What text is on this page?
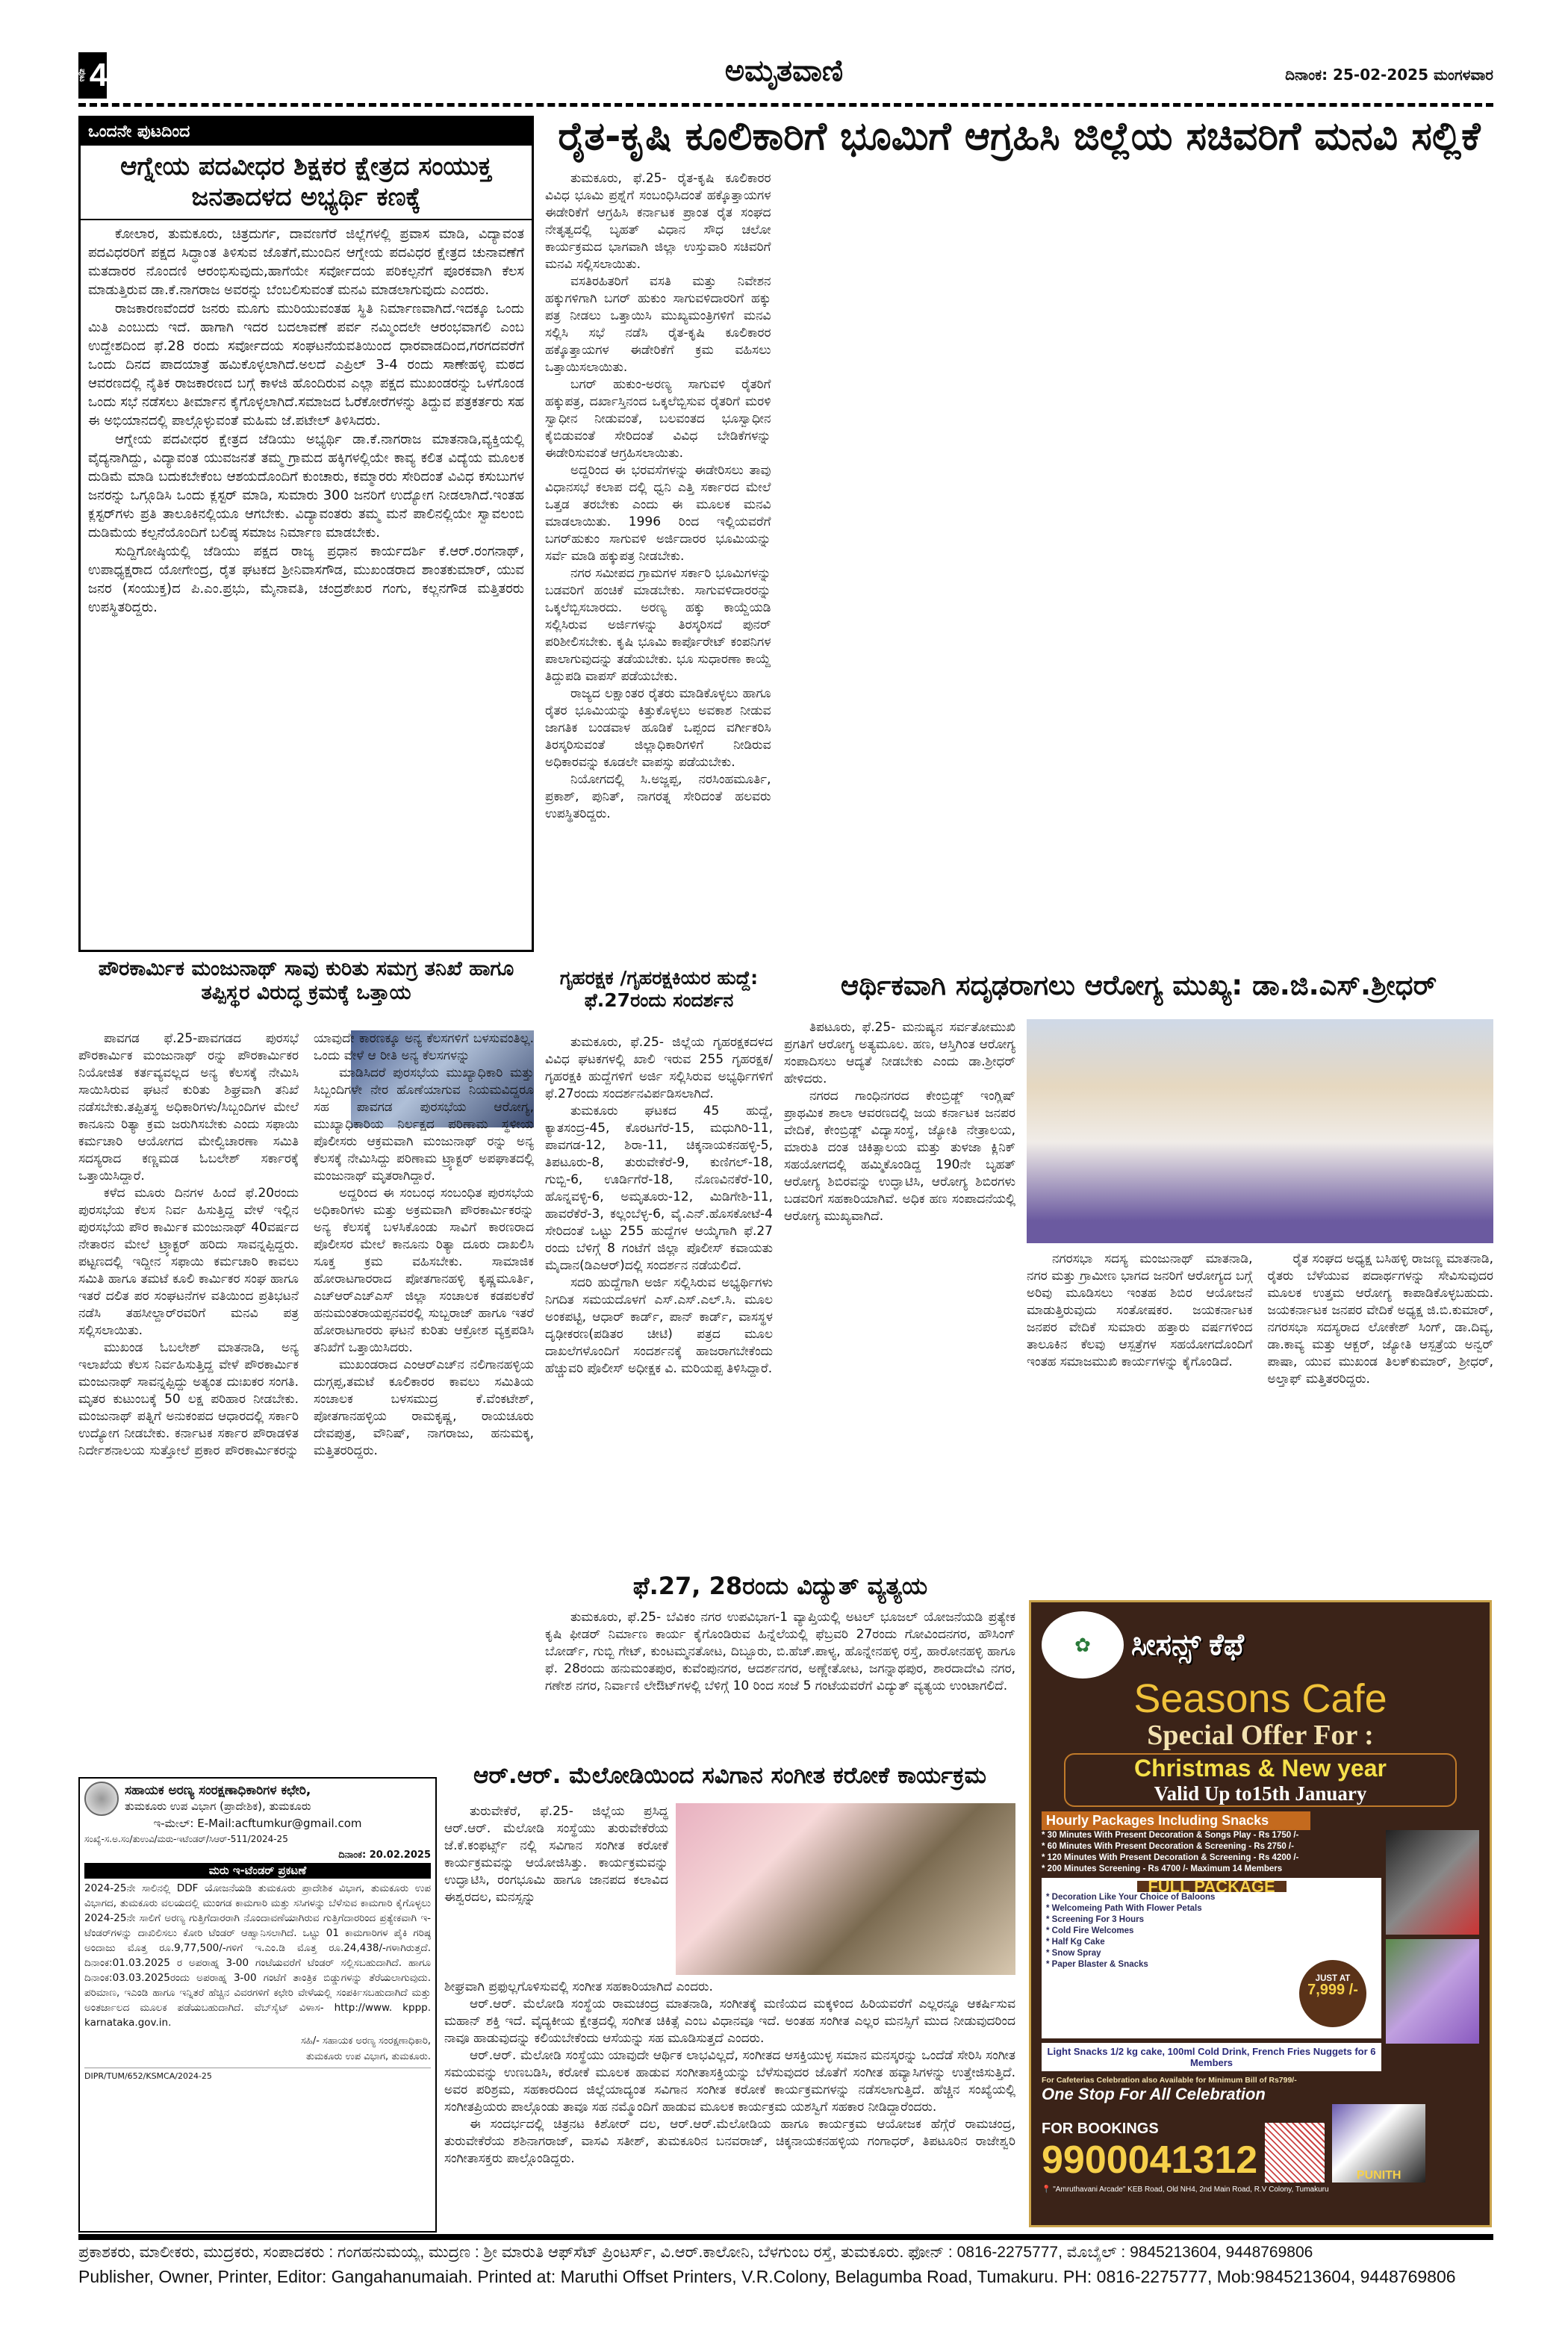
ಪುಟ 4	ಅಮೃತವಾಣಿ	ದಿನಾಂಕ: 25-02-2025 ಮಂಗಳವಾರ
ಒಂದನೇ ಪುಟದಿಂದ
ಆಗ್ನೇಯ ಪದವೀಧರ ಶಿಕ್ಷಕರ ಕ್ಷೇತ್ರದ ಸಂಯುಕ್ತ ಜನತಾದಳದ ಅಭ್ಯರ್ಥಿ ಕಣಕ್ಕೆ

ಕೋಲಾರ, ತುಮಕೂರು, ಚಿತ್ರದುರ್ಗ, ದಾವಣಗೆರೆ ಜಿಲ್ಲೆಗಳಲ್ಲಿ ಪ್ರವಾಸ ಮಾಡಿ, ವಿದ್ಯಾವಂತ ಪದವಿಧರರಿಗೆ ಪಕ್ಷದ ಸಿದ್ಧಾಂತ ತಿಳಿಸುವ ಜೊತೆಗೆ,ಮುಂದಿನ ಆಗ್ನೇಯ ಪದವಿಧರ ಕ್ಷೇತ್ರದ ಚುನಾವಣೆಗೆ ಮತದಾರರ ನೊಂದಣಿ ಆರಂಭಿಸುವುದು,ಹಾಗೆಯೇ ಸರ್ವೋದಯ ಪರಿಕಲ್ಪನೆಗೆ ಪೂರಕವಾಗಿ ಕೆಲಸ ಮಾಡುತ್ತಿರುವ ಡಾ.ಕೆ.ನಾಗರಾಜ ಅವರನ್ನು ಬೆಂಬಲಿಸುವಂತೆ ಮನವಿ ಮಾಡಲಾಗುವುದು ಎಂದರು.

ರಾಜಕಾರಣವೆಂದರೆ ಜನರು ಮೂಗು ಮುರಿಯುವಂತಹ ಸ್ಥಿತಿ ನಿರ್ಮಾಣವಾಗಿದೆ.ಇದಕ್ಕೂ ಒಂದು ಮಿತಿ ಎಂಬುದು ಇದೆ. ಹಾಗಾಗಿ ಇದರ ಬದಲಾವಣೆ ಪರ್ವ ನಮ್ಮಿಂದಲೇ ಆರಂಭವಾಗಲಿ ಎಂಬ ಉದ್ದೇಶದಿಂದ ಫೆ.28 ರಂದು ಸರ್ವೋದಯ ಸಂಘಟನೆಯವತಿಯಿಂದ ಧಾರವಾಡದಿಂದ,ಗರಗದವರೆಗೆ ಒಂದು ದಿನದ ಪಾದಯಾತ್ರೆ ಹಮಿಕೊಳ್ಳಲಾಗಿದೆ.ಅಲದೆ ಎಪ್ರಿಲ್ 3-4 ರಂದು ಸಾಣೇಹಳ್ಳಿ ಮಠದ ಆವರಣದಲ್ಲಿ ನೈತಿಕ ರಾಜಕಾರಣದ ಬಗ್ಗೆ ಕಾಳಜಿ ಹೊಂದಿರುವ ಎಲ್ಲಾ ಪಕ್ಷದ ಮುಖಂಡರನ್ನು ಒಳಗೊಂಡ ಒಂದು ಸಭೆ ನಡೆಸಲು ತೀರ್ಮಾನ ಕೈಗೊಳ್ಳಲಾಗಿದೆ.ಸಮಾಜದ ಓರೆಕೋರೆಗಳನ್ನು ತಿದ್ದುವ ಪತ್ರಕರ್ತರು ಸಹ ಈ ಅಭಿಯಾನದಲ್ಲಿ ಪಾಲ್ಗೊಳ್ಳುವಂತೆ ಮಹಿಮ ಜೆ.ಪಟೇಲ್ ತಿಳಿಸಿದರು.

ಆಗ್ನೇಯ ಪದವೀಧರ ಕ್ಷೇತ್ರದ ಜೆಡಿಯು ಅಭ್ಯರ್ಥಿ ಡಾ.ಕೆ.ನಾಗರಾಜ ಮಾತನಾಡಿ,ವ್ಯಕ್ತಿಯಲ್ಲಿ ವೈದ್ಯನಾಗಿದ್ದು, ವಿದ್ಯಾವಂತ ಯುವಜನತೆ ತಮ್ಮ ಗ್ರಾಮದ ಹಕ್ಕಿಗಳಲ್ಲಿಯೇ ಕಾವ್ಯ ಕಲಿತ ವಿದ್ಯೆಯ ಮೂಲಕ ದುಡಿಮೆ ಮಾಡಿ ಬದುಕಬೇಕೆಂಬ ಆಶಯದೊಂದಿಗೆ ಕುಂಚಾರು, ಕಮ್ಮಾರರು ಸೇರಿದಂತೆ ವಿವಿಧ ಕಸುಬುಗಳ ಜನರನ್ನು ಒಗ್ಗೂಡಿಸಿ ಒಂದು ಕ್ಲಸ್ಟರ್ ಮಾಡಿ, ಸುಮಾರು 300 ಜನರಿಗೆ ಉದ್ಯೋಗ ನೀಡಲಾಗಿದೆ.ಇಂತಹ ಕ್ಲಸ್ಟರ್‌ಗಳು ಪ್ರತಿ ತಾಲೂಕಿನಲ್ಲಿಯೂ ಆಗಬೇಕು. ವಿದ್ಯಾವಂತರು ತಮ್ಮ ಮನೆ ಪಾಲಿನಲ್ಲಿಯೇ ಸ್ವಾವಲಂಬಿ ದುಡಿಮೆಯ ಕಲ್ಪನೆಯೊಂದಿಗೆ ಬಲಿಷ್ಠ ಸಮಾಜ ನಿರ್ಮಾಣ ಮಾಡಬೇಕು.

ಸುದ್ದಿಗೋಷ್ಠಿಯಲ್ಲಿ ಜೆಡಿಯು ಪಕ್ಷದ ರಾಜ್ಯ ಪ್ರಧಾನ ಕಾರ್ಯದರ್ಶಿ ಕೆ.ಆರ್.ರಂಗನಾಥ್, ಉಪಾಧ್ಯಕ್ಷರಾದ ಯೋಗೇಂದ್ರ, ರೈತ ಘಟಕದ ಶ್ರೀನಿವಾಸಗೌಡ, ಮುಖಂಡರಾದ ಶಾಂತಕುಮಾರ್, ಯುವ ಜನರ (ಸಂಯುಕ್ತ)ದ ಪಿ.ಎಂ.ಪ್ರಭು, ಮೈನಾವತಿ, ಚಂದ್ರಶೇಖರ ಗಂಗು, ಕಲ್ಲನಗೌಡ ಮತ್ತಿತರರು ಉಪಸ್ಥಿತರಿದ್ದರು.

ಪೌರಕಾರ್ಮಿಕ ಮಂಜುನಾಥ್ ಸಾವು ಕುರಿತು ಸಮಗ್ರ ತನಿಖೆ ಹಾಗೂ ತಪ್ಪಿಸ್ಥರ ವಿರುದ್ಧ ಕ್ರಮಕ್ಕೆ ಒತ್ತಾಯ

ಪಾವಗಡ ಫೆ.25-ಪಾವಗಡದ ಪುರಸಭೆ ಪೌರಕಾರ್ಮಿಕ ಮಂಜುನಾಥ್ ರನ್ನು ಪೌರಕಾರ್ಮಿಕರ ನಿಯೋಜಿತ ಕರ್ತವ್ಯವಲ್ಲದ ಅನ್ಯ ಕೆಲಸಕ್ಕೆ ನೇಮಿಸಿ ಸಾಯಿಸಿರುವ ಘಟನೆ ಕುರಿತು ಶಿಘ್ರವಾಗಿ ತನಿಖೆ ನಡೆಸಬೇಕು.ತಪ್ಪಿತಸ್ಥ ಅಧಿಕಾರಿಗಳು/ಸಿಬ್ಬಂದಿಗಳ ಮೇಲೆ ಕಾನೂನು ರಿತ್ಯಾ ಕ್ರಮ ಜರುಗಿಸಬೇಕು ಎಂದು ಸಫಾಯಿ ಕರ್ಮಚಾರಿ ಆಯೋಗದ ಮೇಲ್ವಿಚಾರಣಾ ಸಮಿತಿ ಸದಸ್ಯರಾದ ಕಣ್ಣಮಡ ಓಬಲೇಶ್ ಸರ್ಕಾರಕ್ಕೆ ಒತ್ತಾಯಿಸಿದ್ದಾರೆ.

ಕಳೆದ ಮೂರು ದಿನಗಳ ಹಿಂದೆ ಫೆ.20ರಂದು ಪುರಸಭೆಯ ಕೆಲಸ ನಿರ್ವ ಹಿಸುತ್ತಿದ್ದ ವೇಳೆ ಇಲ್ಲಿನ ಪುರಸಭೆಯ ಪೌರ ಕಾರ್ಮಿಕ ಮಂಜುನಾಥ್ 40ವರ್ಷದ ನೇತಾರನ ಮೇಲೆ ಟ್ರ್ಯಾಕ್ಟರ್ ಹರಿದು ಸಾವನ್ನಪ್ಪಿದ್ದರು. ಪಟ್ಟಣದಲ್ಲಿ ಇದ್ದೀನ ಸಫಾಯಿ ಕರ್ಮಚಾರಿ ಕಾವಲು ಸಮಿತಿ ಹಾಗೂ ತಮಟೆ ಕೂಲಿ ಕಾರ್ಮಿಕರ ಸಂಘ ಹಾಗೂ ಇತರೆ ದಲಿತ ಪರ ಸಂಘಟನೆಗಳ ವತಿಯಿಂದ ಪ್ರತಿಭಟನೆ ನಡೆಸಿ ತಹಸೀಲ್ದಾರ್‌ರವರಿಗೆ ಮನವಿ ಪತ್ರ ಸಲ್ಲಿಸಲಾಯಿತು.

ಮುಖಂಡ ಓಬಲೇಶ್ ಮಾತನಾಡಿ, ಅನ್ಯ ಇಲಾಖೆಯ ಕೆಲಸ ನಿರ್ವಹಿಸುತ್ತಿದ್ದ ವೇಳೆ ಪೌರಕಾರ್ಮಿಕ ಮಂಜುನಾಥ್ ಸಾವನ್ನಪ್ಪಿದ್ದು ಅತ್ಯಂತ ದುಃಖಕರ ಸಂಗತಿ. ಮೃತರ ಕುಟುಂಬಕ್ಕೆ 50 ಲಕ್ಷ ಪರಿಹಾರ ನೀಡಬೇಕು. ಮಂಜುನಾಥ್ ಪತ್ನಿಗೆ ಅನುಕಂಪದ ಆಧಾರದಲ್ಲಿ ಸರ್ಕಾರಿ ಉದ್ಯೋಗ ನೀಡಬೇಕು. ಕರ್ನಾಟಕ ಸರ್ಕಾರ ಪೌರಾಡಳಿತ ನಿರ್ದೇಶನಾಲಯ ಸುತ್ತೋಲೆ ಪ್ರಕಾರ ಪೌರಕಾರ್ಮಿಕರನ್ನು ಯಾವುದೇ ಕಾರಣಕ್ಕೂ ಅನ್ಯ ಕೆಲಸಗಳಿಗೆ ಬಳಸುವಂತಿಲ್ಲ. ಒಂದು ವೇಳೆ ಆ ರೀತಿ ಅನ್ಯ ಕೆಲಸಗಳನ್ನು

ಮಾಡಿಸಿದರೆ ಪುರಸಭೆಯ ಮುಖ್ಯಾಧಿಕಾರಿ ಮತ್ತು ಸಿಬ್ಬಂದಿಗಳೇ ನೇರ ಹೊಣೆಯಾಗುವ ನಿಯಮವಿದ್ದರೂ ಸಹ ಪಾವಗಡ ಪುರಸಭೆಯ ಆರೋಗ್ಯ, ಮುಖ್ಯಾಧಿಕಾರಿಯ ನಿರ್ಲಕ್ಷದ ಪರಿಣಾಮ ಸ್ಥಳೀಯ ಪೊಲೀಸರು ಆಕ್ರಮವಾಗಿ ಮಂಜುನಾಥ್ ರನ್ನು ಅನ್ಯ ಕೆಲಸಕ್ಕೆ ನೇಮಿಸಿದ್ದು ಪರಿಣಾಮ ಟ್ರ್ಯಾಕ್ಟರ್ ಅಪಘಾತದಲ್ಲಿ ಮಂಜುನಾಥ್ ಮೃತರಾಗಿದ್ದಾರೆ.

ಅದ್ದರಿಂದ ಈ ಸಂಬಂಧ ಸಂಬಂಧಿತ ಪುರಸಭೆಯ ಅಧಿಕಾರಿಗಳು ಮತ್ತು ಅಕ್ರಮವಾಗಿ ಪೌರಕಾರ್ಮಿಕರನ್ನು ಅನ್ಯ ಕೆಲಸಕ್ಕೆ ಬಳಸಿಕೊಂಡು ಸಾವಿಗೆ ಕಾರಣರಾದ ಪೊಲೀಸರ ಮೇಲೆ ಕಾನೂನು ರಿತ್ಯಾ ದೂರು ದಾಖಲಿಸಿ ಸೂಕ್ತ ಕ್ರಮ ವಹಿಸಬೇಕು. ಸಾಮಾಜಿಕ ಹೋರಾಟಗಾರರಾದ ಪೋತಗಾನಹಳ್ಳಿ ಕೃಷ್ಣಮೂರ್ತಿ, ಎಚ್‌ಆರ್‌ಎಚ್‌ಎಸ್ ಜಿಲ್ಲಾ ಸಂಚಾಲಕ ಕಡಪಲಕೆರೆ ಹನುಮಂತರಾಯಪ್ಪನವರಲ್ಲಿ ಸುಬ್ಬರಾಜ್ ಹಾಗೂ ಇತರೆ ಹೋರಾಟಗಾರರು ಘಟನೆ ಕುರಿತು ಆಕ್ರೋಶ ವ್ಯಕ್ತಪಡಿಸಿ ತನಿಖೆಗೆ ಒತ್ತಾಯಿಸಿದರು.

ಮುಖಂಡರಾದ ಎಂಆರ್‌ಎಚ್‌ನ ನಲಿಗಾನಹಳ್ಳಿಯ ದುಗ್ಗಪ್ಪ,ತಮಟೆ ಕೂಲಿಕಾರರ ಕಾವಲು ಸಮಿತಿಯ ಸಂಚಾಲಕ ಬಳಸಮುದ್ರ ಕೆ.ವೆಂಕಟೇಶ್, ಪೋತಗಾನಹಳ್ಳಿಯ ರಾಮಕೃಷ್ಣ, ರಾಯಚೂರು ದೇವಪುತ್ರ, ವೌನಿಷ್, ನಾಗರಾಜು, ಹನುಮಕ್ಕ, ಮತ್ತಿತರರಿದ್ದರು.

ಸಹಾಯಕ ಅರಣ್ಯ ಸಂರಕ್ಷಣಾಧಿಕಾರಿಗಳ ಕಛೇರಿ,
ತುಮಕೂರು ಉಪ ವಿಭಾಗ (ಪ್ರಾದೇಶಿಕ), ತುಮಕೂರು
ಇ-ಮೇಲ್: E-Mail:acftumkur@gmail.com
ಸಂಖ್ಯೆ-ಸ.ಅ.ಸಂ/ತುಉವಿ/ಮರು-ಇಟೆಂಡರ್/ಸಿಆರ್-511/2024-25
ದಿನಾಂಕ: 20.02.2025
ಮರು ಇ-ಟೆಂಡರ್ ಪ್ರಕಟಣೆ
2024-25ನೇ ಸಾಲಿನಲ್ಲಿ DDF ಯೋಜನೆಯಡಿ ತುಮಕೂರು ಪ್ರಾದೇಶಿಕ ವಿಭಾಗ, ತುಮಕೂರು ಉಪ ವಿಭಾಗದ, ತುಮಕೂರು ವಲಯದಲ್ಲಿ ಮುಂಗಡ ಕಾಮಗಾರಿ ಮತ್ತು ಸಸಿಗಳನ್ನು ಬೆಳೆಸುವ ಕಾಮಗಾರಿ ಕೈಗೊಳ್ಳಲು 2024-25ನೇ ಸಾಲಿಗೆ ಅರಣ್ಯ ಗುತ್ತಿಗೆದಾರರಾಗಿ ನೊಂದಾವಣೆಯಾಗಿರುವ ಗುತ್ತಿಗೆದಾರರಿಂದ ಪ್ರತ್ಯೇಕವಾಗಿ ಇ-ಟೆಂಡರ್‌ಗಳನ್ನು ದಾಖಿಲಿಸಲು ಕೋರಿ ಟೆಂಡರ್ ಆಹ್ವಾನಿಸಲಾಗಿದೆ. ಒಟ್ಟು 01 ಕಾಮಗಾರಿಗಳ ಪೈಕಿ ಗರಿಷ್ಠ ಅಂದಾಜು ಮೊತ್ತ ರೂ.9,77,500/-ಗಳಿಗೆ ಇ.ಎಂ.ಡಿ ಮೊತ್ತ ರೂ.24,438/-ಗಳಾಗಿರುತ್ತದೆ. ದಿನಾಂಕ:01.03.2025 ರ ಅಪರಾಹ್ನ 3-00 ಗಂಟೆಯವರೆಗೆ ಟೆಂಡರ್ ಸಲ್ಲಿಸಬಹುದಾಗಿದೆ. ಹಾಗೂ ದಿನಾಂಕ:03.03.2025ರಂದು ಅಪರಾಹ್ನ 3-00 ಗಂಟೆಗೆ ತಾಂತ್ರಿಕ ಬಿಡ್ಡುಗಳನ್ನು ತೆರೆಯಲಾಗುವುದು. ಪರಿಮಾಣ, ಇಎಂಡಿ ಹಾಗೂ ಇನ್ನಿತರೆ ಹೆಚ್ಚಿನ ವಿವರಗಳಿಗೆ ಕಛೇರಿ ವೇಳೆಯಲ್ಲಿ ಸಂಪರ್ಕಿಸಬಹುದಾಗಿದೆ ಮತ್ತು ಅಂತರ್ಜಾಲದ ಮೂಲಕ ಪಡೆಯಬಹುದಾಗಿದೆ. ವೆಬ್‌ಸೈಟ್ ವಿಳಾಸ- http://www. kppp. karnataka.gov.in.
ಸಹಿ/- ಸಹಾಯಕ ಅರಣ್ಯ ಸಂರಕ್ಷಣಾಧಿಕಾರಿ,
ತುಮಕೂರು ಉಪ ವಿಭಾಗ, ತುಮಕೂರು.
DIPR/TUM/652/KSMCA/2024-25
ರೈತ-ಕೃಷಿ ಕೂಲಿಕಾರಿಗೆ ಭೂಮಿಗೆ ಆಗ್ರಹಿಸಿ ಜಿಲ್ಲೆಯ ಸಚಿವರಿಗೆ ಮನವಿ ಸಲ್ಲಿಕೆ

ತುಮಕೂರು, ಫೆ.25- ರೈತ-ಕೃಷಿ ಕೂಲಿಕಾರರ ವಿವಿಧ ಭೂಮಿ ಪ್ರಶ್ನೆಗೆ ಸಂಬಂಧಿಸಿದಂತೆ ಹಕ್ಕೊತ್ತಾಯಗಳ ಈಡೇರಿಕೆಗೆ ಆಗ್ರಹಿಸಿ ಕರ್ನಾಟಕ ಪ್ರಾಂತ ರೈತ ಸಂಘದ ನೇತೃತ್ವದಲ್ಲಿ ಬೃಹತ್ ವಿಧಾನ ಸೌಧ ಚಲೋ ಕಾರ್ಯಕ್ರಮದ ಭಾಗವಾಗಿ ಜಿಲ್ಲಾ ಉಸ್ತುವಾರಿ ಸಚಿವರಿಗೆ ಮನವಿ ಸಲ್ಲಿಸಲಾಯಿತು.

ವಸತಿರಹಿತರಿಗೆ ವಸತಿ ಮತ್ತು ನಿವೇಶನ ಹಕ್ಕುಗಳಿಗಾಗಿ ಬಗರ್ ಹುಕುಂ ಸಾಗುವಳಿದಾರರಿಗೆ ಹಕ್ಕು ಪತ್ರ ನೀಡಲು ಒತ್ತಾಯಿಸಿ ಮುಖ್ಯಮಂತ್ರಿಗಳಿಗೆ ಮನವಿ ಸಲ್ಲಿಸಿ ಸಭೆ ನಡೆಸಿ ರೈತ-ಕೃಷಿ ಕೂಲಿಕಾರರ ಹಕ್ಕೊತ್ತಾಯಗಳ ಈಡೇರಿಕೆಗೆ ಕ್ರಮ ವಹಿಸಲು ಒತ್ತಾಯಿಸಲಾಯಿತು.

ಬಗರ್ ಹುಕುಂ-ಅರಣ್ಯ ಸಾಗುವಳಿ ರೈತರಿಗೆ ಹಕ್ಕುಪತ್ರ, ದರ್ಖಾಸ್ತಿನಂದ ಒಕ್ಕಲೆಬ್ಬಿಸುವ ರೈತರಿಗೆ ಮರಳಿ ಸ್ವಾಧೀನ ನೀಡುವಂತೆ, ಬಲವಂತದ ಭೂಸ್ವಾಧೀನ ಕೈಬಿಡುವಂತೆ ಸೇರಿದಂತೆ ವಿವಿಧ ಬೇಡಿಕೆಗಳನ್ನು ಈಡೇರಿಸುವಂತೆ ಆಗ್ರಹಿಸಲಾಯಿತು.

ಅದ್ದರಿಂದ ಈ ಭರವಸೆಗಳನ್ನು ಈಡೇರಿಸಲು ತಾವು ವಿಧಾನಸಭೆ ಕಲಾಪ ದಲ್ಲಿ ಧ್ವನಿ ಎತ್ತಿ ಸರ್ಕಾರದ ಮೇಲೆ ಒತ್ತಡ ತರಬೇಕು ಎಂದು ಈ ಮೂಲಕ ಮನವಿ ಮಾಡಲಾಯಿತು. 1996 ರಿಂದ ಇಲ್ಲಿಯವರೆಗೆ ಬಗರ್‌ಹುಕುಂ ಸಾಗುವಳಿ ಅರ್ಜಿದಾರರ ಭೂಮಿಯನ್ನು ಸರ್ವೆ ಮಾಡಿ ಹಕ್ಕುಪತ್ರ ನೀಡಬೇಕು.

ನಗರ ಸಮೀಪದ ಗ್ರಾಮಗಳ ಸರ್ಕಾರಿ ಭೂಮಿಗಳನ್ನು ಬಡವರಿಗೆ ಹಂಚಿಕೆ ಮಾಡಬೇಕು. ಸಾಗುವಳಿದಾರರನ್ನು ಒಕ್ಕಲೆಬ್ಬಿಸಬಾರದು. ಅರಣ್ಯ ಹಕ್ಕು ಕಾಯ್ದೆಯಡಿ ಸಲ್ಲಿಸಿರುವ ಅರ್ಜಿಗಳನ್ನು ತಿರಸ್ಕರಿಸದೆ ಪುನರ್ ಪರಿಶೀಲಿಸಬೇಕು. ಕೃಷಿ ಭೂಮಿ ಕಾರ್ಪೊರೇಟ್ ಕಂಪನಿಗಳ ಪಾಲಾಗುವುದನ್ನು ತಡೆಯಬೇಕು. ಭೂ ಸುಧಾರಣಾ ಕಾಯ್ದೆ ತಿದ್ದುಪಡಿ ವಾಪಸ್ ಪಡೆಯಬೇಕು.

ರಾಜ್ಯದ ಲಕ್ಷಾಂತರ ರೈತರು ಮಾಡಿಕೊಳ್ಳಲು ಹಾಗೂ ರೈತರ ಭೂಮಿಯನ್ನು ಕಿತ್ತುಕೊಳ್ಳಲು ಅವಕಾಶ ನೀಡುವ ಜಾಗತಿಕ ಬಂಡವಾಳ ಹೂಡಿಕೆ ಒಪ್ಪಂದ ವರ್ಗೀಕರಿಸಿ ತಿರಸ್ಕರಿಸುವಂತೆ ಜಿಲ್ಲಾಧಿಕಾರಿಗಳಿಗೆ ನೀಡಿರುವ ಅಧಿಕಾರವನ್ನು ಕೂಡಲೇ ವಾಪಸ್ಸು ಪಡೆಯಬೇಕು.

ನಿಯೋಗದಲ್ಲಿ ಸಿ.ಅಜ್ಜಪ್ಪ, ನರಸಿಂಹಮೂರ್ತಿ, ಪ್ರಕಾಶ್, ಪುನಿತ್, ನಾಗರತ್ನ ಸೇರಿದಂತೆ ಹಲವರು ಉಪಸ್ಥಿತರಿದ್ದರು.

ಗೃಹರಕ್ಷಕ /ಗೃಹರಕ್ಷಕಿಯರ ಹುದ್ದೆ: ಫೆ.27ರಂದು ಸಂದರ್ಶನ

ತುಮಕೂರು, ಫೆ.25- ಜಿಲ್ಲೆಯ ಗೃಹರಕ್ಷಕದಳದ ವಿವಿಧ ಘಟಕಗಳಲ್ಲಿ ಖಾಲಿ ಇರುವ 255 ಗೃಹರಕ್ಷಕ/ಗೃಹರಕ್ಷಕಿ ಹುದ್ದೆಗಳಿಗೆ ಅರ್ಜಿ ಸಲ್ಲಿಸಿರುವ ಅಭ್ಯರ್ಥಿಗಳಿಗೆ ಫೆ.27ರಂದು ಸಂದರ್ಶನವಿರ್ಪಡಿಸಲಾಗಿದೆ.

ತುಮಕೂರು ಘಟಕದ 45 ಹುದ್ದೆ, ಕ್ಯಾತಸಂದ್ರ-45, ಕೊರಟಗೆರೆ-15, ಮಧುಗಿರಿ-11, ಪಾವಗಡ-12, ಶಿರಾ-11, ಚಿಕ್ಕನಾಯಕನಹಳ್ಳಿ-5, ತಿಪಟೂರು-8, ತುರುವೇಕೆರೆ-9, ಕುಣಿಗಲ್-18, ಗುಬ್ಬಿ-6, ಊರ್ಡಿಗೆರೆ-18, ನೊಣವಿನಕೆರೆ-10, ಹೊನ್ನವಳ್ಳಿ-6, ಅಮೃತೂರು-12, ಮಿಡಿಗೇಶಿ-11, ಹಾವರೆಕೆರೆ-3, ಕಲ್ಲಂಬೆಳ್ಳ-6, ವೈ.ಎನ್.ಹೊಸಕೋಟೆ-4 ಸೇರಿದಂತೆ ಒಟ್ಟು 255 ಹುದ್ದೆಗಳ ಆಯ್ಕೆಗಾಗಿ ಫೆ.27 ರಂದು ಬೆಳಿಗ್ಗೆ 8 ಗಂಟೆಗೆ ಜಿಲ್ಲಾ ಪೊಲೀಸ್ ಕವಾಯತು ಮೈದಾನ(ಡಿಎಆರ್)ದಲ್ಲಿ ಸಂದರ್ಶನ ನಡೆಯಲಿದೆ.

ಸದರಿ ಹುದ್ದೆಗಾಗಿ ಅರ್ಜಿ ಸಲ್ಲಿಸಿರುವ ಅಭ್ಯರ್ಥಿಗಳು ನಿಗದಿತ ಸಮಯದೊಳಗೆ ಎಸ್.ಎಸ್.ಎಲ್.ಸಿ. ಮೂಲ ಅಂಕಪಟ್ಟಿ, ಆಧಾರ್ ಕಾರ್ಡ್, ಪಾನ್ ಕಾರ್ಡ್, ವಾಸಸ್ಥಳ ದೃಢೀಕರಣ(ಪಡಿತರ ಚೀಟಿ) ಪತ್ರದ ಮೂಲ ದಾಖಲೆಗಳೊಂದಿಗೆ ಸಂದರ್ಶನಕ್ಕೆ ಹಾಜರಾಗಬೇಕೆಂದು ಹೆಚ್ಚುವರಿ ಪೊಲೀಸ್ ಅಧೀಕ್ಷಕ ವಿ. ಮರಿಯಪ್ಪ ತಿಳಿಸಿದ್ದಾರೆ.

ಆರ್ಥಿಕವಾಗಿ ಸದೃಢರಾಗಲು ಆರೋಗ್ಯ ಮುಖ್ಯ: ಡಾ.ಜಿ.ಎಸ್.ಶ್ರೀಧರ್

ತಿಪಟೂರು, ಫೆ.25- ಮನುಷ್ಯನ ಸರ್ವತೋಮುಖಿ ಪ್ರಗತಿಗೆ ಆರೋಗ್ಯ ಅತ್ಯಮೂಲ. ಹಣ, ಆಸ್ತಿಗಿಂತ ಆರೋಗ್ಯ ಸಂಪಾದಿಸಲು ಆದ್ಯತೆ ನೀಡಬೇಕು ಎಂದು ಡಾ.ಶ್ರೀಧರ್ ಹೇಳಿದರು.

ನಗರದ ಗಾಂಧಿನಗರದ ಕೇಂಬ್ರಿಡ್ಜ್ ಇಂಗ್ಲಿಷ್ ಪ್ರಾಥಮಿಕ ಶಾಲಾ ಆವರಣದಲ್ಲಿ ಜಯ ಕರ್ನಾಟಕ ಜನಪರ ವೇದಿಕೆ, ಕೇಂಬ್ರಿಡ್ಜ್ ವಿದ್ಯಾಸಂಸ್ಥೆ, ಜ್ಯೋತಿ ನೇತ್ರಾಲಯ, ಮಾರುತಿ ದಂತ ಚಿಕಿತ್ಸಾಲಯ ಮತ್ತು ತುಳಜಾ ಕ್ಲಿನಿಕ್ ಸಹಯೋಗದಲ್ಲಿ ಹಮ್ಮಿಕೊಂಡಿದ್ದ 190ನೇ ಬೃಹತ್ ಆರೋಗ್ಯ ಶಿಬಿರವನ್ನು ಉದ್ಘಾಟಿಸಿ, ಆರೋಗ್ಯ ಶಿಬಿರಗಳು ಬಡವರಿಗೆ ಸಹಕಾರಿಯಾಗಿವೆ. ಅಧಿಕ ಹಣ ಸಂಪಾದನೆಯಲ್ಲಿ ಆರೋಗ್ಯ ಮುಖ್ಯವಾಗಿದೆ.

ನಗರಸಭಾ ಸದಸ್ಯ ಮಂಜುನಾಥ್ ಮಾತನಾಡಿ, ನಗರ ಮತ್ತು ಗ್ರಾಮೀಣ ಭಾಗದ ಜನರಿಗೆ ಆರೋಗ್ಯದ ಬಗ್ಗೆ ಅರಿವು ಮೂಡಿಸಲು ಇಂತಹ ಶಿಬಿರ ಆಯೋಜನೆ ಮಾಡುತ್ತಿರುವುದು ಸಂತೋಷಕರ. ಜಯಕರ್ನಾಟಕ ಜನಪರ ವೇದಿಕೆ ಸುಮಾರು ಹತ್ತಾರು ವರ್ಷಗಳಿಂದ ತಾಲೂಕಿನ ಕೆಲವು ಆಸ್ಪತ್ರೆಗಳ ಸಹಯೋಗದೊಂದಿಗೆ ಇಂತಹ ಸಮಾಜಮುಖಿ ಕಾರ್ಯಗಳನ್ನು ಕೈಗೊಂಡಿದೆ.

ರೈತ ಸಂಘದ ಅಧ್ಯಕ್ಷ ಬಸಿಹಳ್ಳಿ ರಾಜಣ್ಣ ಮಾತನಾಡಿ, ರೈತರು ಬೆಳೆಯುವ ಪದಾರ್ಥಗಳನ್ನು ಸೇವಿಸುವುದರ ಮೂಲಕ ಉತ್ತಮ ಆರೋಗ್ಯ ಕಾಪಾಡಿಕೊಳ್ಳಬಹುದು. ಜಯಕರ್ನಾಟಕ ಜನಪರ ವೇದಿಕೆ ಅಧ್ಯಕ್ಷ ಜಿ.ಬಿ.ಕುಮಾರ್, ನಗರಸಭಾ ಸದಸ್ಯರಾದ ಲೋಕೇಶ್ ಸಿಂಗ್, ಡಾ.ದಿವ್ಯ, ಡಾ.ಕಾವ್ಯ ಮತ್ತು ಆಕ್ಬರ್, ಜ್ಯೋತಿ ಆಸ್ಪತ್ರೆಯ ಅನ್ವರ್ ಪಾಷಾ, ಯುವ ಮುಖಂಡ ತಿಲಕ್‌ಕುಮಾರ್, ಶ್ರೀಧರ್, ಅಲ್ತಾಫ್ ಮತ್ತಿತರರಿದ್ದರು.

ಫೆ.27, 28ರಂದು ವಿದ್ಯುತ್ ವ್ಯತ್ಯಯ

ತುಮಕೂರು, ಫೆ.25- ಬೆವಿಕಂ ನಗರ ಉಪವಿಭಾಗ-1 ವ್ಯಾಪ್ತಿಯಲ್ಲಿ ಅಟಲ್ ಭೂಜಲ್ ಯೋಜನೆಯಡಿ ಪ್ರತ್ಯೇಕ ಕೃಷಿ ಫೀಡರ್ ನಿರ್ಮಾಣ ಕಾರ್ಯ ಕೈಗೊಂಡಿರುವ ಹಿನ್ನೆಲೆಯಲ್ಲಿ ಫೆಬ್ರವರಿ 27ರಂದು ಗೋವಿಂದನಗರ, ಹೌಸಿಂಗ್ ಬೋರ್ಡ್, ಗುಬ್ಬಿ ಗೇಟ್, ಕುಂಟಮ್ಮನತೋಟ, ದಿಬ್ಬೂರು, ಬಿ.ಹೆಚ್.ಪಾಳ್ಯ, ಹೊನ್ನೇನಹಳ್ಳಿ ರಸ್ತೆ, ಹಾರೋನಹಳ್ಳಿ ಹಾಗೂ ಫೆ. 28ರಂದು ಹನುಮಂತಪುರ, ಕುವೆಂಪುನಗರ, ಆದರ್ಶನಗರ, ಅಣ್ಣೇತೋಟ, ಜಗನ್ನಾಥಪುರ, ಶಾರದಾದೇವಿ ನಗರ, ಗಣೇಶ ನಗರ, ನಿರ್ವಾಣಿ ಲೇಔಟ್‌ಗಳಲ್ಲಿ ಬೆಳಿಗ್ಗೆ 10 ರಿಂದ ಸಂಜೆ 5 ಗಂಟೆಯವರೆಗೆ ವಿದ್ಯುತ್ ವ್ಯತ್ಯಯ ಉಂಟಾಗಲಿದೆ.

ಆರ್.ಆರ್. ಮೆಲೋಡಿಯಿಂದ ಸವಿಗಾನ ಸಂಗೀತ ಕರೋಕೆ ಕಾರ್ಯಕ್ರಮ

ತುರುವೇಕೆರೆ, ಫೆ.25- ಜಿಲ್ಲೆಯ ಪ್ರಸಿದ್ಧ ಆರ್.ಆರ್. ಮೆಲೋಡಿ ಸಂಸ್ಥೆಯು ತುರುವೇಕೆರೆಯ ಜೆ.ಕೆ.ಕಂಫರ್ಟ್ಸ್ ನಲ್ಲಿ ಸವಿಗಾನ ಸಂಗೀತ ಕರೋಕೆ ಕಾರ್ಯಕ್ರಮವನ್ನು ಆಯೋಜಿಸಿತ್ತು. ಕಾರ್ಯಕ್ರಮವನ್ನು ಉದ್ಘಾಟಿಸಿ, ರಂಗಭೂಮಿ ಹಾಗೂ ಜಾನಪದ ಕಲಾವಿದ ಈಶ್ವರದಲ, ಮನಸ್ಸನ್ನು

ಶೀಘ್ರವಾಗಿ ಪ್ರಫುಲ್ಲಗೊಳಿಸುವಲ್ಲಿ ಸಂಗೀತ ಸಹಕಾರಿಯಾಗಿದೆ ಎಂದರು.

ಆರ್.ಆರ್. ಮೆಲೋಡಿ ಸಂಸ್ಥೆಯ ರಾಮಚಂದ್ರ ಮಾತನಾಡಿ, ಸಂಗೀತಕ್ಕೆ ಮಣಿಯದ ಮಕ್ಕಳಿಂದ ಹಿರಿಯವರೆಗೆ ಎಲ್ಲರನ್ನೂ ಆಕರ್ಷಿಸುವ ಮಹಾನ್ ಶಕ್ತಿ ಇದೆ. ವೈದ್ಯಕೀಯ ಕ್ಷೇತ್ರದಲ್ಲಿ ಸಂಗೀತ ಚಿಕಿತ್ಸೆ ಎಂಬ ವಿಧಾನವೂ ಇದೆ. ಅಂತಹ ಸಂಗೀತ ಎಲ್ಲರ ಮನಸ್ಸಿಗೆ ಮುದ ನೀಡುವುದರಿಂದ ನಾವೂ ಹಾಡುವುದನ್ನು ಕಲಿಯಬೇಕೆಂದು ಆಸೆಯನ್ನು ಸಹ ಮೂಡಿಸುತ್ತದೆ ಎಂದರು.

ಆರ್.ಆರ್. ಮೆಲೋಡಿ ಸಂಸ್ಥೆಯು ಯಾವುದೇ ಆರ್ಥಿಕ ಲಾಭವಿಲ್ಲದೆ, ಸಂಗೀತದ ಆಸಕ್ತಿಯುಳ್ಳ ಸಮಾನ ಮನಸ್ಕರನ್ನು ಒಂದೆಡೆ ಸೇರಿಸಿ ಸಂಗೀತ ಸಮಯವನ್ನು ಉಣಬಡಿಸಿ, ಕರೋಕೆ ಮೂಲಕ ಹಾಡುವ ಸಂಗೀತಾಸಕ್ತಿಯನ್ನು ಬೆಳೆಸುವುದರ ಜೊತೆಗೆ ಸಂಗೀತ ಹವ್ಯಾಸಿಗಳನ್ನು ಉತ್ತೇಜಿಸುತ್ತಿದೆ. ಅವರ ಪರಿಶ್ರಮ, ಸಹಕಾರದಿಂದ ಜಿಲ್ಲೆಯಾದ್ಯಂತ ಸವಿಗಾನ ಸಂಗೀತ ಕರೋಕೆ ಕಾರ್ಯಕ್ರಮಗಳನ್ನು ನಡೆಸಲಾಗುತ್ತಿದೆ. ಹೆಚ್ಚಿನ ಸಂಖ್ಯೆಯಲ್ಲಿ ಸಂಗೀತಪ್ರಿಯರು ಪಾಲ್ಗೊಂಡು ತಾವೂ ಸಹ ನಮ್ಮೊಂದಿಗೆ ಹಾಡುವ ಮೂಲಕ ಕಾರ್ಯಕ್ರಮ ಯಶಸ್ವಿಗೆ ಸಹಕಾರ ನೀಡಿದ್ದಾರೆಂದರು.

ಈ ಸಂದರ್ಭದಲ್ಲಿ ಚಿತ್ರನಟ ಕಿಶೋರ್ ದಲ, ಆರ್.ಆರ್.ಮೆಲೋಡಿಯ ಹಾಗೂ ಕಾರ್ಯಕ್ರಮ ಆಯೋಜಕ ಹೆಗ್ಗೆರೆ ರಾಮಚಂದ್ರ, ತುರುವೇಕೆರೆಯ ಶಶಿನಾಗರಾಜ್, ವಾಸವಿ ಸತೀಶ್, ತುಮಕೂರಿನ ಬನವರಾಜ್, ಚಿಕ್ಕನಾಯಕನಹಳ್ಳಿಯ ಗಂಗಾಧರ್, ತಿಪಟೂರಿನ ರಾಜೇಶ್ವರಿ ಸಂಗೀತಾಸಕ್ತರು ಪಾಲ್ಗೊಂಡಿದ್ದರು.

✿	ಸೀಸನ್ಸ್ ಕೆಫೆ
Seasons Cafe
Special Offer For :
Christmas & New year
Valid Up to15th January
Hourly Packages Including Snacks
* 30 Minutes With Present Decoration & Songs Play - Rs 1750 /-
* 60 Minutes With Present Decoration & Screening - Rs 2750 /-
* 120 Minutes With Present Decoration & Screening - Rs 4200 /-
* 200 Minutes Screening - Rs 4700 /- Maximum 14 Members
FULL PACKAGE
* Decoration Like Your Choice of Baloons
* Welcomeing Path With Flower Petals
* Screening For 3 Hours
* Cold Fire Welcomes
* Half Kg Cake
* Snow Spray
* Paper Blaster & Snacks
JUST AT
7,999 /-
Light Snacks 1/2 kg cake, 100ml Cold Drink, French Fries Nuggets for 6 Members
For Cafeterias Celebration also Available for Minimum Bill of Rs799/-
One Stop For All Celebration
FOR BOOKINGS
9900041312	PUNITH
📍 "Amruthavani Arcade" KEB Road, Old NH4, 2nd Main Road, R.V Colony, Tumakuru
ಪ್ರಕಾಶಕರು, ಮಾಲೀಕರು, ಮುದ್ರಕರು, ಸಂಪಾದಕರು : ಗಂಗಹನುಮಯ್ಯ, ಮುದ್ರಣ : ಶ್ರೀ ಮಾರುತಿ ಆಫ್‌ಸೆಟ್ ಪ್ರಿಂಟರ್ಸ್, ವಿ.ಆರ್.ಕಾಲೋನಿ, ಬೆಳಗುಂಬ ರಸ್ತೆ, ತುಮಕೂರು. ಫೋನ್ : 0816-2275777, ಮೊಬೈಲ್ : 9845213604, 9448769806
Publisher, Owner, Printer, Editor: Gangahanumaiah. Printed at: Maruthi Offset Printers, V.R.Colony, Belagumba Road, Tumakuru. PH: 0816-2275777, Mob:9845213604, 9448769806
